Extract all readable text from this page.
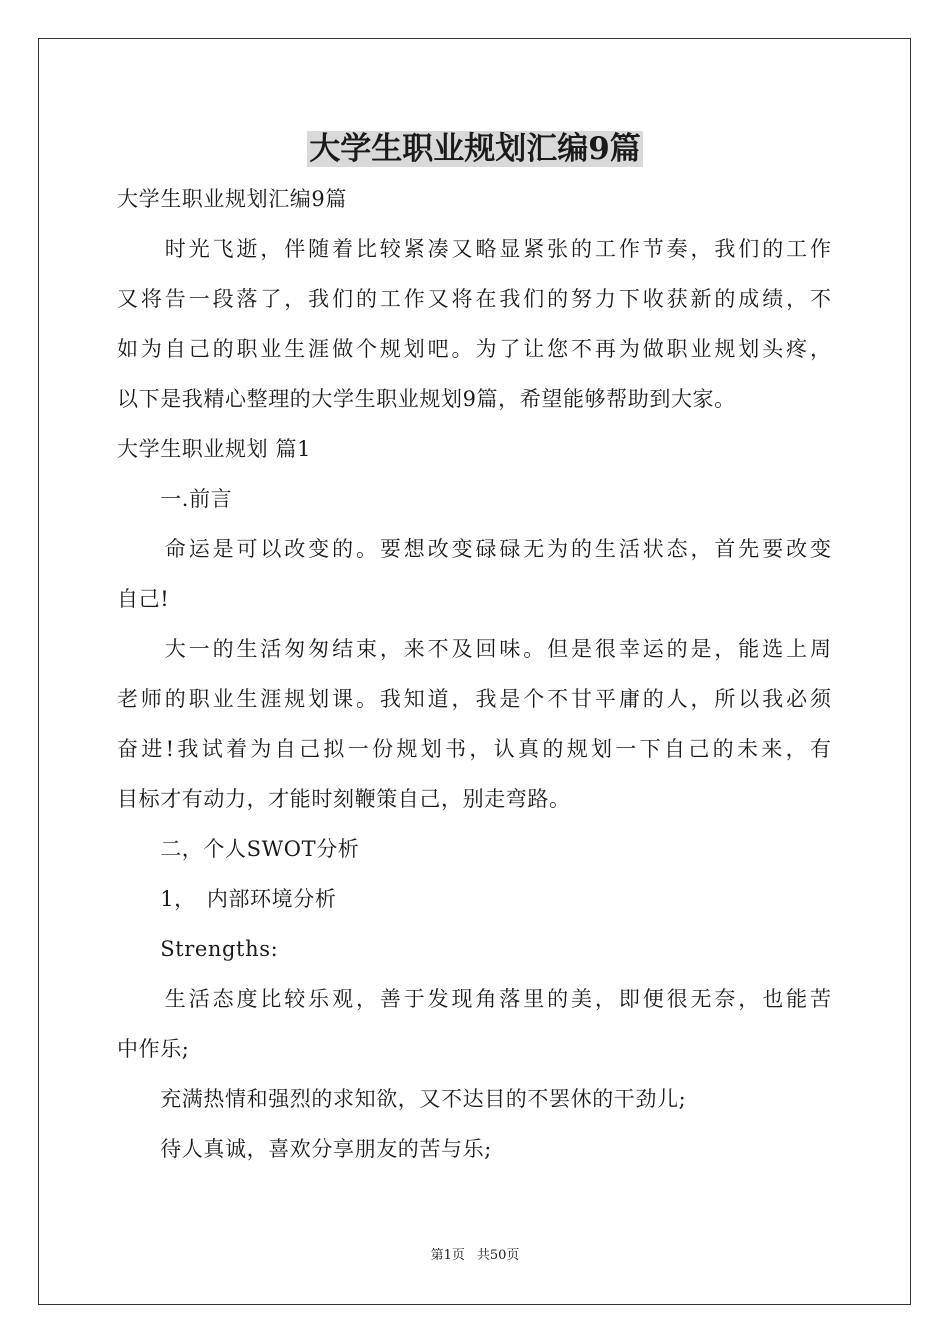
大学生职业规划汇编9篇
大学生职业规划汇编9篇
　　时光飞逝，伴随着比较紧凑又略显紧张的工作节奏，我们的工作
又将告一段落了，我们的工作又将在我们的努力下收获新的成绩，不
如为自己的职业生涯做个规划吧。为了让您不再为做职业规划头疼，
以下是我精心整理的大学生职业规划9篇，希望能够帮助到大家。
大学生职业规划 篇1
　　一.前言
　　命运是可以改变的。要想改变碌碌无为的生活状态，首先要改变
自己!
　　大一的生活匆匆结束，来不及回味。但是很幸运的是，能选上周
老师的职业生涯规划课。我知道，我是个不甘平庸的人，所以我必须
奋进!我试着为自己拟一份规划书，认真的规划一下自己的未来，有
目标才有动力，才能时刻鞭策自己，别走弯路。
　　二，个人SWOT分析
　　1，　内部环境分析
　　Strengths:
　　生活态度比较乐观，善于发现角落里的美，即便很无奈，也能苦
中作乐;
　　充满热情和强烈的求知欲，又不达目的不罢休的干劲儿;
　　待人真诚，喜欢分享朋友的苦与乐;
第1页 共50页
